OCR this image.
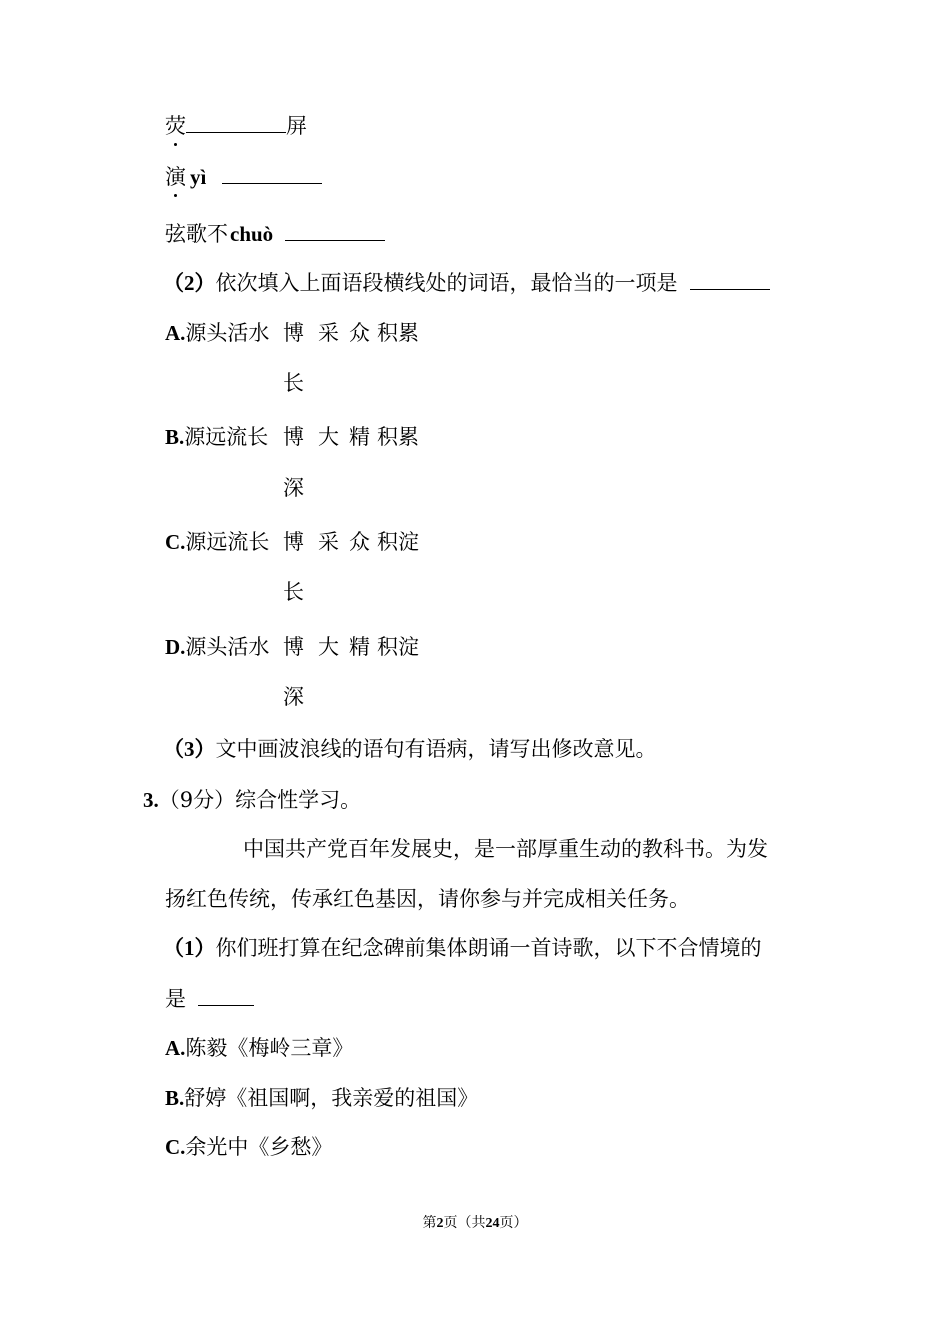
荧	屏
演 yì
弦歌不chuò
（2）依次填入上面语段横线处的词语，最恰当的一项是
A.源头活水 博 采 众 积累
长
B.源远流长 博 大 精 积累
深
C.源远流长 博 采 众 积淀
长
D.源头活水 博 大 精 积淀
深
（3）文中画波浪线的语句有语病，请写出修改意见。
3.（9分）综合性学习。
中国共产党百年发展史，是一部厚重生动的教科书。为发
扬红色传统，传承红色基因，请你参与并完成相关任务。
（1）你们班打算在纪念碑前集体朗诵一首诗歌，以下不合情境的
是
A.陈毅《梅岭三章》
B.舒婷《祖国啊，我亲爱的祖国》
C.余光中《乡愁》
第2页（共24页）
